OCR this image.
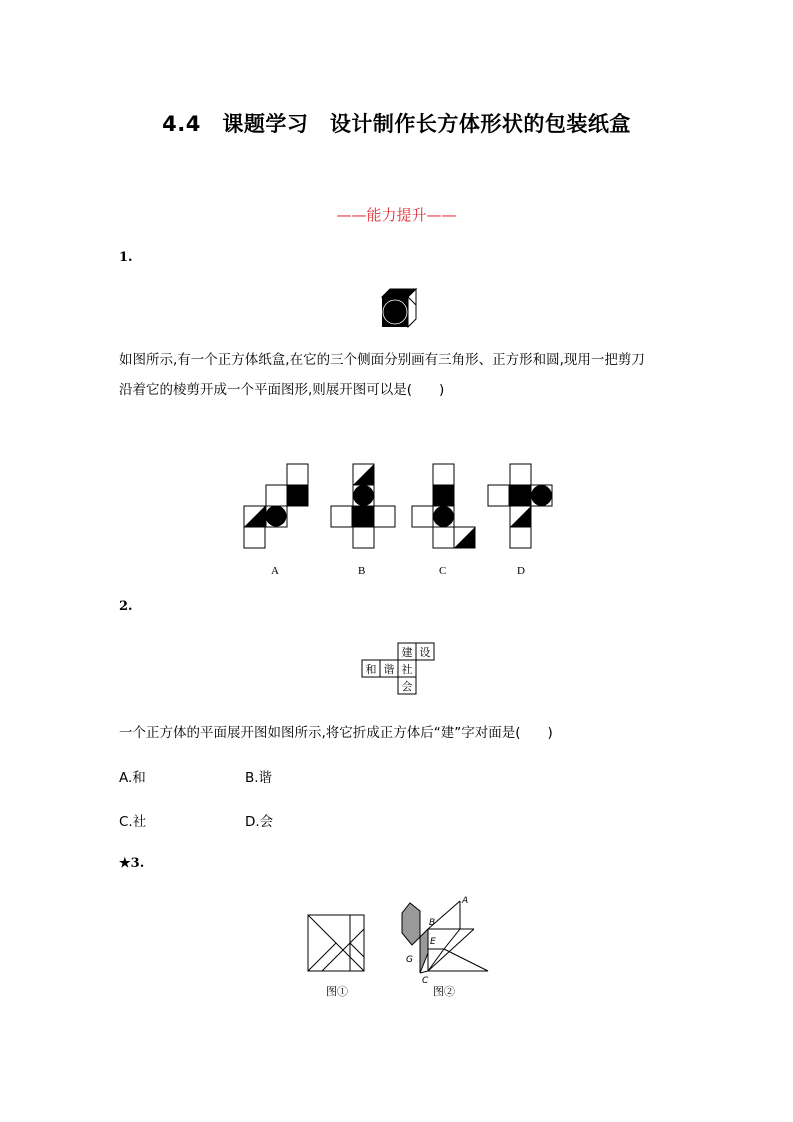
4.4　课题学习　设计制作长方体形状的包装纸盒
——能力提升——
1.
如图所示,有一个正方体纸盒,在它的三个侧面分别画有三角形、正方形和圆,现用一把剪刀
沿着它的棱剪开成一个平面图形,则展开图可以是(　　)
A	B	C	D
2.
建 设
和 谐 社
会
一个正方体的平面展开图如图所示,将它折成正方体后“建”字对面是(　　)
A.和	B.谐
C.社	D.会
★3.
图①
A
B
E
G
C
图②
